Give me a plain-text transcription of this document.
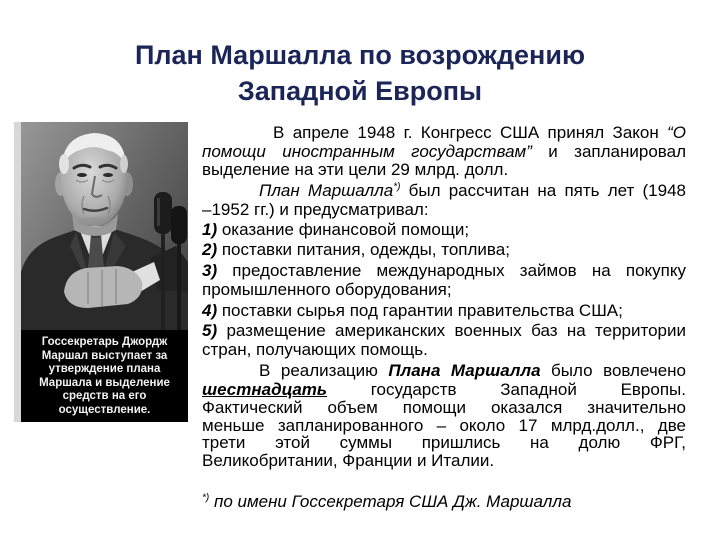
План Маршалла по возрождению
Западной Европы
Госсекретарь Джордж
Маршал выступает за
утверждение плана
Маршала и выделение
средств на его
осуществление.
В апреле 1948 г. Конгресс США принял Закон “О
помощи иностранным государствам” и запланировал
выделение на эти цели 29 млрд. долл.
План Маршалла*) был рассчитан на пять лет (1948
–1952 гг.) и предусматривал:
1) оказание финансовой помощи;
2) поставки питания, одежды, топлива;
3) предоставление международных займов на покупку
промышленного оборудования;
4) поставки сырья под гарантии правительства США;
5) размещение американских военных баз на территории
стран, получающих помощь.
В реализацию Плана Маршалла было вовлечено
шестнадцать государств Западной Европы.
Фактический объем помощи оказался значительно
меньше запланированного – около 17 млрд.долл., две
трети этой суммы пришлись на долю ФРГ,
Великобритании, Франции и Италии.
*) по имени Госсекретаря США Дж. Маршалла
